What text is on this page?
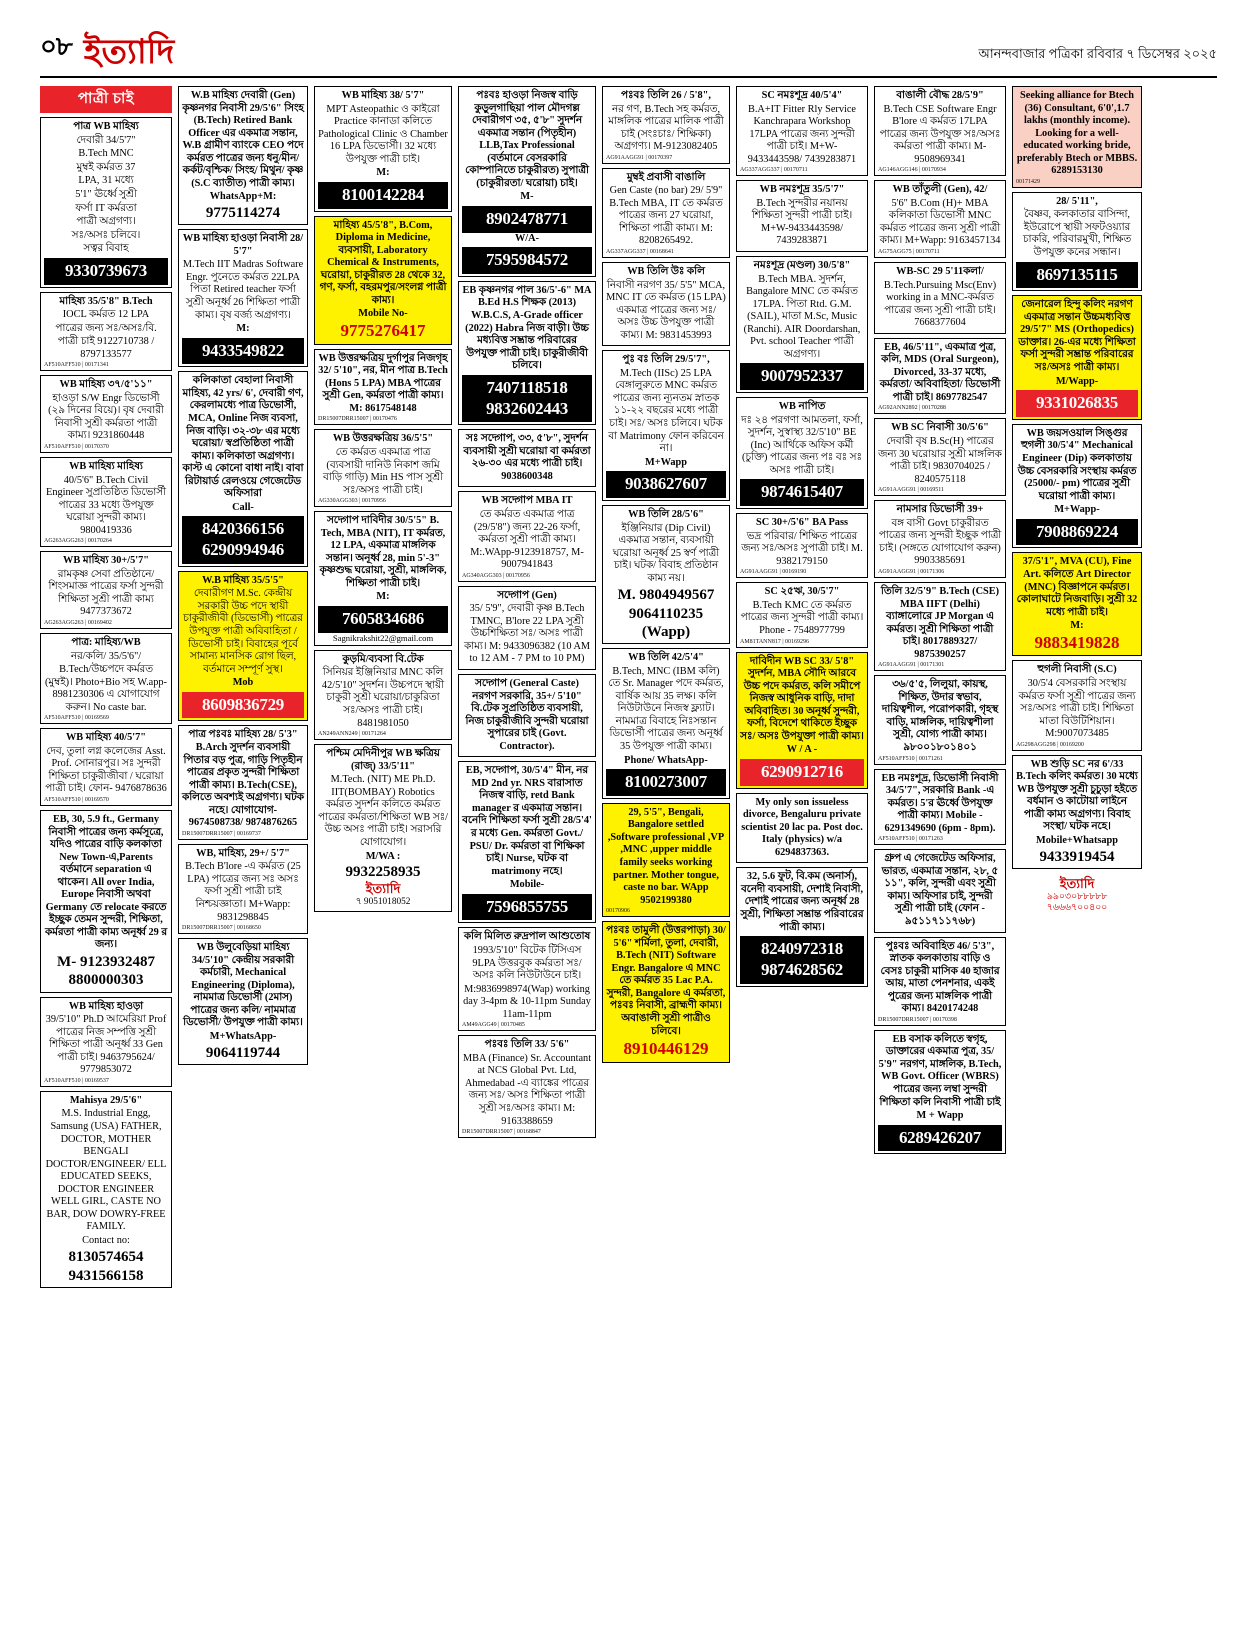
০৮ ইত্যাদি	আনন্দবাজার পত্রিকা রবিবার ৭ ডিসেম্বর ২০২৫

পাত্রী চাই

পাত্র WB মাহিষ্য

দেবারী 34/5'7"

B.Tech MNC

মুম্বই কর্মরত 37

LPA, 31 মধ্যে

5'1" ঊর্ধ্বে সুশ্রী

ফর্সা IT কর্মরতা

পাত্রী অগ্রগণ্য।

সঃ/অসঃ চলিবে।

সত্বর বিবাহ

9330739673

মাহিষ্য 35/5'8" B.Tech

IOCL কর্মরত 12 LPA

পাত্রের জন্য সঃ/অসঃ/বি.

পাত্রী চাই 9122710738 / 8797133577

AF510AFF510 | 00171341

WB মাহিষ্য ৩৭/৫'১১"

হাওড়া S/W Engr ডিভোর্সী (২৯ দিনের বিয়ে)। বৃষ দেবারী নিবাসী সুশ্রী কর্মরতা পাত্রী কাম্য। 9231860448

AF510AFF510 | 00170370

WB মাহিষ্য মাহিষ্য

40/5'6" B.Tech Civil Engineer সুপ্রতিষ্ঠিত ডিভোর্সী পাত্রের 33 মধ্যে উপযুক্ত ঘরোয়া সুন্দরী কাম্য। 9800419336

AG263AGG263 | 00170264

WB মাহিষ্য 30+/5'7"

রামকৃষ্ণ সেবা প্রতিষ্ঠানে/শিংসমাজ্ঞ পাত্রের ফর্সা সুন্দরী শিক্ষিতা সুশ্রী পাত্রী কাম্য 9477373672

AG263AGG263 | 00169402

পাত্র: মাহিষ্য/WB

নর/কলি/ 35/5'6"/

B.Tech/উচ্চপদে কর্মরত (মুম্বই)। Photo+Bio সহ W.app-8981230306 এ যোগাযোগ করুন। No caste bar.

AF510AFF510 | 00169569

WB মাহিষ্য 40/5'7"

দেব, তুলা লগ্ন কলেজের Asst. Prof. সোনারপুর। সঃ সুন্দরী শিক্ষিতা চাকুরীজীবা / ঘরোয়া পাত্রী চাই। ফোন- 9476878636

AF510AFF510 | 00169570

EB, 30, 5.9 ft., Germany নিবাসী পাত্রের জন্য কর্মসূত্রে, যদিও পাত্রের বাড়ি কলকাতা New Town-এ,Parents বর্তমানে separation এ থাকেন। All over India, Europe নিবাসী অথবা Germany তে relocate করতে ইচ্ছুক তেমন সুন্দরী, শিক্ষিতা, কর্মরতা পাত্রী কাম্য অনূর্ধ্ব 29 র জন্য।

M- 9123932487 8800000303

WB মাহিষ্য হাওড়া

39/5'10" Ph.D আমেরিয়া Prof পাত্রের নিজ সম্পত্তি সুশ্রী শিক্ষিতা পাত্রী অনূর্ধ্ব 33 Gen পাত্রী চাই। 9463795624/ 9779853072

AF510AFF510 | 00169537

Mahisya 29/5'6"

M.S. Industrial Engg, Samsung (USA) FATHER, DOCTOR, MOTHER BENGALI DOCTOR/ENGINEER/ ELL EDUCATED SEEKS, DOCTOR ENGINEER WELL GIRL, CASTE NO BAR, DOW DOWRY-FREE FAMILY.

Contact no:

8130574654 9431566158

W.B মাহিষ্য দেবারী (Gen) কৃষ্ণনগর নিবাসী 29/5'6" সিংহ (B.Tech) Retired Bank Officer এর একমাত্র সন্তান, W.B গ্রামীণ ব্যাংকে CEO পদে কর্মরত পাত্রের জন্য ধনু/মীন/কর্কট/বৃশ্চিক/ সিংহ/ মিথুন/ কৃষ্ণ (S.C ব্যাতীত) পাত্রী কাম্য।

WhatsApp+M:
9775114274

WB মাহিষ্য হাওড়া নিবাসী 28/ 5'7"

M.Tech IIT Madras Software Engr. পুনেতে কর্মরত 22LPA পিতা Retired teacher ফর্সা সুশ্রী অনূর্ধ্ব 26 শিক্ষিতা পাত্রী কাম্য। বৃষ বর্জ্য অগ্রগণ্য।

M:
9433549822

কলিকাতা বেহালা নিবাসী মাহিষ্য, 42 yrs/ 6', দেবারী গণ, কেরলামধ্যে পাত্র ডিভোর্সী, MCA, Online নিজ ব্যবসা, নিজ বাড়ি। ৩২-৩৮ এর মধ্যে ঘরোয়া/ স্বপ্রতিষ্ঠিতা পাত্রী কাম্য। কলিকাতা অগ্রগণ্য। কাস্ট এ কোনো বাধা নাই। বাবা রিটায়ার্ড রেলওয়ে গেজেটেড অফিসারা

Call-
8420366156 6290994946

W.B মাহিষ্য 35/5'5"

দেবারীগণ M.Sc. কেন্দ্রীয় সরকারী উচ্চ পদে স্থায়ী চাকুরীজীবী (ডিভোর্সী) পাত্রের উপযুক্ত পাত্রী অবিবাহিতা / ডিভোর্সী চাই। বিবাহের পূর্বে সামান্য মানসিক রোগ ছিল, বর্তমানে সম্পূর্ণ সুস্থ।

Mob
8609836729

পাত্র পঃবঃ মাহিষ্য 28/ 5'3" B.Arch সুদর্শন ব্যবসায়ী পিতার বড় পুত্র, গাড়ি পিতৃহীন পাত্রের প্রকৃত সুন্দরী শিক্ষিতা পাত্রী কাম্য। B.Tech(CSE), কলিতে অবশ্যই অগ্রগণ্য। ঘটক নহে। যোগাযোগ- 9674508738/ 9874876265

DR15007DRR15007 | 00169737

WB, মাহিষ্য, 29+/ 5'7"

B.Tech B'lore -এ কর্মরত (25 LPA) পাত্রের জন্য সঃ অসঃ ফর্সা সুশ্রী পাত্রী চাই নিশ্চয়জ্ঞাতা। M+Wapp: 9831298845

DR15007DRR15007 | 00168650

WB উলুবেড়িয়া মাহিষ্য 34/5'10" কেন্দ্রীয় সরকারী কর্মচারী, Mechanical Engineering (Diploma), নামমাত্র ডিভোর্সী (2মাস) পাত্রের জন্য কলি/ নামমাত্র ডিভোর্সী/ উপযুক্ত পাত্রী কাম্য।

M+WhatsApp-
9064119744

WB মাহিষ্য 38/ 5'7"

MPT Asteopathic ও কাইরো Practice কানাডা কলিতে Pathological Clinic ও Chamber 16 LPA ডিভোর্সী। 32 মধ্যে উপযুক্ত পাত্রী চাই।

M:
8100142284

মাহিষ্য 45/5'8", B.Com, Diploma in Medicine, ব্যবসায়ী, Laboratory Chemical & Instruments, ঘরোয়া, চাকুরীরত 28 থেকে 32, গণ, ফর্সা, বহরমপুর/সংলগ্ন পাত্রী কাম্য।

Mobile No-
9775276417

WB উত্তরক্ষত্রিয় দুর্গাপুর নিজগৃহ 32/ 5'10", নর, মীন পাত্র B.Tech (Hons 5 LPA) MBA পাত্রের সুশ্রী Gen, কর্মরতা পাত্রী কাম্য। M: 8617548148

DR15007DRR15007 | 00170476

WB উত্তরক্ষত্রিয় 36/5'5"

তে কর্মরত একমাত্র পাত্র (ব্যবসায়ী দানিউ নিকাশ জমি বাড়ি গাড়ি) Min HS পাস সুশ্রী সঃ/অসঃ পাত্রী চাই।

AG330AGG303 | 00170956

সদ্গোপ দাবিদীর 30/5'5" B. Tech, MBA (NIT), IT কর্মরত, 12 LPA, একমাত্র মাঙ্গলিক সন্তান। অনূর্ধ্ব 28, min 5'-3" কৃষ্ণশুদ্ধ ঘরোয়া, সুশ্রী, মাঙ্গলিক, শিক্ষিতা পাত্রী চাই।

M:
7605834686
Sagnikrakshit22@gmail.com

কুড়মি/ব্যবসা বি.টেক

সিনিয়র ইঞ্জিনিয়ার MNC কলি 42/5'10" সুদর্শন। উচ্চপদে স্থায়ী চাকুরী সুশ্রী ঘরোয়া/চাকুরিতা সঃ/অসঃ পাত্রী চাই। 8481981050

AN249ANN249 | 00171264

পশ্চিম মেদিনীপুর WB ক্ষত্রিয় (রাজ্) 33/5'11"

M.Tech. (NIT) ME Ph.D. IIT(BOMBAY) Robotics কর্মরত সুদর্শন কলিতে কর্মরত পাত্রের কর্মরতা/শিক্ষিতা WB সঃ/উচ্চ অসঃ পাত্রী চাই। সরাসরি যোগাযোগ।

M/WA :
9932258935
ইত্যাদি
৭ 9051018052

পঃবঃ হাওড়া নিজস্ব বাড়ি কুড়ুলগাছিয়া পাল মৌদগল্ল দেবারীগণ ৩৫, ৫'৮" সুদর্শন একমাত্র সন্তান (পিতৃহীন) LLB,Tax Professional (বর্তমানে বেসরকারি কোম্পানিতে চাকুরীরত) সুপাত্রী (চাকুরীরতা/ ঘরোয়া) চাই।

M-
8902478771
W/A-
7595984572

EB কৃষ্ণনগর পাল 36/5'-6" MA B.Ed H.S শিক্ষক (2013) W.B.C.S, A-Grade officer (2022) Habra নিজ বাড়ী। উচ্চ মধ্যবিত্ত সম্ভ্রান্ত পরিবারের উপযুক্ত পাত্রী চাই। চাকুরীজীবী চলিবে।

7407118518 9832602443

সঃ সদ্গোপ, ৩৩, ৫'৮", সুদর্শন ব্যবসায়ী সুশ্রী ঘরোয়া বা কর্মরতা ২৬-৩০ এর মধ্যে পাত্রী চাই। 9038600348

WB সদ্গোপ MBA IT

তে কর্মরত একমাত্র পাত্র (29/5'8") জন্য 22-26 ফর্সা, কর্মরতা সুশ্রী পাত্রী কাম্য। M:.WApp-9123918757, M-9007941843

AG340AGG303 | 00170956

সদ্গোপ (Gen)

35/ 5'9", দেবারী কৃষ্ণ B.Tech TMNC, B'lore 22 LPA সুশ্রী উচ্চশিক্ষিতা সঃ/ অসঃ পাত্রী কাম্য। M: 9433096382 (10 AM to 12 AM - 7 PM to 10 PM)

সদ্গোপ (General Caste) নরগণ সরকারি, 35+/ 5'10" বি.টেক সুপ্রতিষ্ঠিত ব্যবসায়ী, নিজ চাকুরীজীবি সুন্দরী ঘরোয়া সুপারের চাই (Govt. Contractor).

EB, সদ্গোপ, 30/5'4" মীন, নর MD 2nd yr. NRS বারাসাত নিজস্ব বাড়ি, retd Bank manager র একমাত্র সন্তান। বনেদি শিক্ষিতা ফর্সা সুশ্রী 28/5'4' র মধ্যে Gen. কর্মরতা Govt./ PSU/ Dr. কর্মরতা বা শিক্ষিকা চাই। Nurse, ঘটক বা matrimony নহে।

Mobile-
7596855755

কলি মিলিত রুদ্রপাল আশুতোষ

1993/5'10" বিটেক টিসিএস 9LPA উত্তরবুক কর্মরতা সঃ/অসঃ কলি নিউটাউনে চাই।

M:9836998974(Wap) working day 3-4pm & 10-11pm Sunday 11am-11pm

AM49AGG49 | 00170485

পঃবঃ তিলি 33/ 5'6"

MBA (Finance) Sr. Accountant at NCS Global Pvt. Ltd, Ahmedabad -এ ব্যাঙ্কের পাত্রের জন্য সঃ/ অসঃ শিক্ষিতা পাত্রী সুশ্রী সঃ/অসঃ কাম্য। M: 9163388659

DR15007DRR15007 | 00168847

পঃবঃ তিলি 26 / 5'8",

নর গণ, B.Tech সহ কর্মরত, মাঙ্গলিক পাত্রের মালিক পাত্রী চাই (সংঃচাঃ/ শিক্ষিকা) অগ্রগণ্য। M-9123082405

AG91AAGG91 | 00170397

মুম্বই প্রবাসী বাঙালি

Gen Caste (no bar) 29/ 5'9" B.Tech MBA, IT তে কর্মরত পাত্রের জন্য 27 ঘরোয়া, শিক্ষিতা পাত্রী কাম্য। M: 8208265492.

AG337AGG337 | 00168641

WB তিলি উঃ কলি

নিবাসী নরগণ 35/ 5'5" MCA, MNC IT তে কর্মরত (15 LPA) একমাত্র পাত্রের জন্য সঃ/ অসঃ উচ্চ উপযুক্ত পাত্রী কাম্য। M: 9831453993

পুঃ বঃ তিলি 29/5'7",

M.Tech (IISc) 25 LPA বেঙ্গালুরুতে MNC কর্মরত পাত্রের জন্য ন্যূনতম স্নাতক ১১-২২ বছরের মধ্যে পাত্রী চাই। সঃ/ অসঃ চলিবে। ঘটক বা Matrimony ফোন করিবেন না।

M+Wapp
9038627607

WB তিলি 28/5'6"

ইঞ্জিনিয়ার (Dip Civil) একমাত্র সন্তান, ব্যবসায়ী ঘরোয়া অনূর্ধ্ব 25 স্বর্ণ পাত্রী চাই। ঘটক/ বিবাহ প্রতিষ্ঠান কাম্য নয়।

M. 9804949567 9064110235 (Wapp)

WB তিলি 42/5'4"

B.Tech, MNC (IBM কলি) তে Sr. Manager পদে কর্মরত, বার্ষিক আয় 35 লক্ষ। কলি নিউটাউনে নিজস্ব ফ্ল্যাট। নামমাত্র বিবাহে নিঃসন্তান ডিভোর্সী পাত্রের জন্য অনূর্ধ্ব 35 উপযুক্ত পাত্রী কাম্য।

Phone/ WhatsApp-
8100273007

29, 5'5", Bengali, Bangalore settled ,Software professional ,VP ,MNC ,upper middle family seeks working partner. Mother tongue, caste no bar. WApp 9502199380

00170906

পঃবঃ তামুলী (উত্তরপাড়া) 30/ 5'6" শর্মিলা, তুলা, দেবারী, B.Tech (NIT) Software Engr. Bangalore এ MNC তে কর্মরত 35 Lac P.A. সুন্দরী, Bangalore এ কর্মরতা, পঃবঃ নিবাসী, ব্রাহ্মণী কাম্য। অবাঙালী সুশ্রী পাত্রীও চলিবে।

8910446129

SC নমঃশূদ্র 40/5'4"

B.A+IT Fitter Rly Service Kanchrapara Workshop 17LPA পাত্রের জন্য সুন্দরী পাত্রী চাই। M+W-9433443598/ 7439283871

AG337AGG337 | 00170711

WB নমঃশূদ্র 35/5'7"

B.Tech সুন্দরীর নয়ানয় শিক্ষিতা সুন্দরী পাত্রী চাই। M+W-9433443598/ 7439283871

নমঃশূদ্র (মণ্ডল) 30/5'8"

B.Tech MBA. সুদর্শন, Bangalore MNC তে কর্মরত 17LPA. পিতা Rtd. G.M. (SAIL), মাতা M.Sc, Music (Ranchi). AIR Doordarshan, Pvt. school Teacher পাত্রী অগ্রগণ্য।

9007952337

WB নাপিত

দঃ ২৪ পরগণা আমতলা, ফর্সা, সুদর্শন, সুস্বাস্থ্য 32/5'10" BE (Inc) আর্থিকে অফিস কর্মী (চুক্তি) পাত্রের জন্য পঃ বঃ সঃ অসঃ পাত্রী চাই।

9874615407

SC 30+/5'6" BA Pass

ভদ্র পরিবার/ শিক্ষিত পাত্রের জন্য সঃ/অসঃ সুপাত্রী চাই। M. 9382179150

AG91AAGG91 | 00169190

SC ২৫ঋ, 30/5'7"

B.Tech KMC তে কর্মরত পাত্রের জন্য সুন্দরী পাত্রী কাম্য। Phone - 7548977799

AM81TANN817 | 00169296

দাবিদীন WB SC 33/ 5'8" সুদর্শন, MBA সৌদি আরবে উচ্চ পদে কর্মরত, কলি সমীপে নিজস্ব আধুনিক বাড়ি, দাদা অবিবাহিত। 30 অনূর্ধ্ব সুন্দরী, ফর্সা, বিদেশে থাকিতে ইচ্ছুক সঃ/ অসঃ উপযুক্তা পাত্রী কাম্য।

W / A -
6290912716

My only son issueless divorce, Bengaluru private scientist 20 lac pa. Post doc. Italy (physics) w/a 6294837363.

32, 5.6 ফুট, বি.কম (অনার্স), বনেদী ব্যবসায়ী, দেশাই নিবাসী, দেশাই পাত্রের জন্য অনূর্ধ্ব 28 সুশ্রী, শিক্ষিতা সম্ভ্রান্ত পরিবারের পাত্রী কাম্য।

8240972318 9874628562

বাঙালী বৌদ্ধ 28/5'9"

B.Tech CSE Software Engr B'lore এ কর্মরত 17LPA পাত্রের জন্য উপযুক্ত সঃ/অসঃ কর্মরতা পাত্রী কাম্য। M-9508969341

AG146AGG146 | 00170934

WB তাঁতুলী (Gen), 42/

5'6" B.Com (H)+ MBA কলিকাতা ডিভোর্সী MNC কর্মরত পাত্রের জন্য সুশ্রী পাত্রী কাম্য। M+Wapp: 9163457134

AG75AGG75 | 00170711

WB-SC 29 5'11কলা/

B.Tech.Pursuing Msc(Env) working in a MNC-কর্মরত পাত্রের জন্য সুশ্রী পাত্রী চাই। 7668377604

EB, 46/5'11", একমাত্র পুত্র, কলি, MDS (Oral Surgeon), Divorced, 33-37 মধ্যে, কর্মরতা/ অবিবাহিতা/ ডিভোর্সী পাত্রী চাই। 8697782547

AG92ANN2892 | 00170288

WB SC নিবাসী 30/5'6"

দেবারী বৃষ B.Sc(H) পাত্রের জন্য 30 ঘরোয়ার সুশ্রী মাঙ্গলিক পাত্রী চাই। 9830704025 / 8240575118

AG91AAGG91 | 00169511

নামসার ডিভোর্সী 39+

বঙ্গ বাসী Govt চাকুরীরত পাত্রের জন্য সুন্দরী ইচ্ছুক পাত্রী চাই। (সঙ্গতে যোগাযোগ করুন) 9903385691

AG91AAGG91 | 00171306

তিলি 32/5'9" B.Tech (CSE) MBA IIFT (Delhi) ব্যাঙ্গালোরে JP Morgan এ কর্মরত। সুশ্রী শিক্ষিতা পাত্রী চাই। 8017889327/ 9875390257

AG91AAGG91 | 00171301

৩৬/৫'৫, লিলুয়া, কায়স্থ, শিক্ষিত, উদার স্বভাব, দায়িত্বশীল, পরোপকারী, গৃহস্থ বাড়ি, মাঙ্গলিক, দায়িত্বশীলা সুশ্রী, যোগ্য পাত্রী কাম্য। ৯৮০০১৮০১৪০১

AF510AFF510 | 00171261

EB নমঃশূদ্র, ডিভোর্সী নিবাসী 34/5'7", সরকারি Bank -এ কর্মরত। 5'র ঊর্ধ্বে উপযুক্ত পাত্রী কাম্য। Mobile - 6291349690 (6pm - 8pm).

AF510AFF510 | 00171263

গ্রুপ এ গেজেটেড অফিসার, ভারত, একমাত্র সন্তান, ২৮, ৫ ১১", কলি, সুন্দরী এবং সুশ্রী কাম্য। অফিসার চাই, সুন্দরী সুশ্রী পাত্রী চাই (ফোন - ৯৫১১৭১১৭৬৮)

পুঃবঃ অবিবাহিত 46/ 5'3", স্নাতক কলকাতায় বাড়ি ও বেসঃ চাকুরী মাসিক 40 হাজার আয়, মাতা পেনশনার, একই পুত্রের জন্য মাঙ্গলিক পাত্রী কাম্য। 8420174248

DR15007DRR15007 | 00170398

EB বসাক কলিতে স্বগৃহ, ডাক্তারের একমাত্র পুত্র, 35/ 5'9" নরগণ, মাঙ্গলিক, B.Tech, WB Govt. Officer (WBRS) পাত্রের জন্য লম্বা সুন্দরী শিক্ষিতা কলি নিবাসী পাত্রী চাই

M + Wapp
6289426207

Seeking alliance for Btech (36) Consultant, 6'0',1.7 lakhs (monthly income). Looking for a well-educated working bride, preferably Btech or MBBS. 6289153130

00171429

28/ 5'11",

বৈষ্ণব, কলকাতার বাসিন্দা, ইউরোপে স্থায়ী সফটওয়্যার চাকরি, পরিবারমুখী, শিক্ষিত উপযুক্ত কনের সন্ধান।

8697135115

জেনারেল হিন্দু কলিং নরগণ একমাত্র সন্তান উচ্চমধ্যবিত্ত 29/5'7" MS (Orthopedics) ডাক্তার। 26-এর মধ্যে শিক্ষিতা ফর্সা সুন্দরী সম্ভ্রান্ত পরিবারের সঃ/অসঃ পাত্রী কাম্য।

M/Wapp-
9331026835

WB জয়সওয়াল সিঙ্গুর হুগলী 30/5'4" Mechanical Engineer (Dip) কলকাতায় উচ্চ বেসরকারি সংস্থায় কর্মরত (25000/- pm) পাত্রের সুশ্রী ঘরোয়া পাত্রী কাম্য।

M+Wapp-
7908869224

37/5'1", MVA (CU), Fine Art. কলিতে Art Director (MNC) বিজ্ঞাপনে কর্মরত। কোলাঘাটে নিজবাড়ি। সুশ্রী 32 মধ্যে পাত্রী চাই।

M:
9883419828

হুগলী নিবাসী (S.C)

30/5'4 বেসরকারি সংস্থায় কর্মরত ফর্সা সুশ্রী পাত্রের জন্য সঃ/অসঃ পাত্রী চাই। শিক্ষিতা মাতা বিউটিশিয়ান। M:9007073485

AG298AGG298 | 00169200

WB শুড়ি SC নর 6'/33 B.Tech কলিং কর্মরত। 30 মধ্যে WB উপযুক্ত সুশ্রী চুচুড়া হইতে বর্ধমান ও কাটোয়া লাইনে পাত্রী কাম্য অগ্রগণ্য। বিবাহ সংস্থা/ ঘটক নহে।

Mobile+Whatsapp
9433919454
ইত্যাদি
৯৯০৩০৮৮৮৮৮
৭৬৬৬৭০০৪০০
